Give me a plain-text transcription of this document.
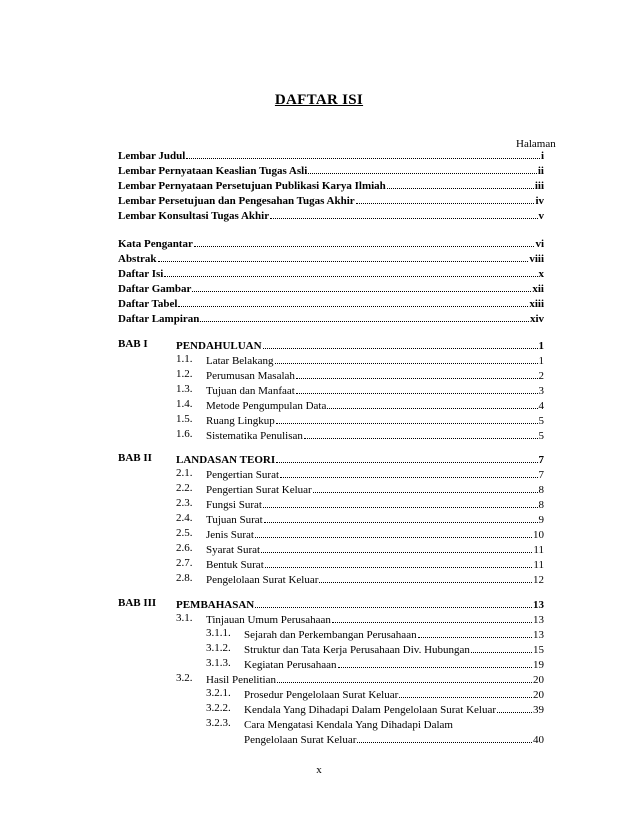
DAFTAR ISI
Halaman
Lembar Judul	i
Lembar Pernyataan Keaslian Tugas Asli	ii
Lembar Pernyataan Persetujuan Publikasi Karya Ilmiah	iii
Lembar Persetujuan dan Pengesahan Tugas Akhir	iv
Lembar Konsultasi Tugas Akhir	v
Kata Pengantar	vi
Abstrak	viii
Daftar Isi	x
Daftar Gambar	xii
Daftar Tabel	xiii
Daftar Lampiran	xiv
BAB I	PENDAHULUAN	1
1.1. Latar Belakang	1
1.2. Perumusan Masalah	2
1.3. Tujuan dan Manfaat	3
1.4. Metode Pengumpulan Data	4
1.5. Ruang Lingkup	5
1.6. Sistematika Penulisan	5
BAB II LANDASAN TEORI	7
2.1. Pengertian Surat	7
2.2. Pengertian Surat Keluar	8
2.3. Fungsi Surat	8
2.4. Tujuan Surat	9
2.5. Jenis Surat	10
2.6. Syarat Surat	11
2.7. Bentuk Surat	11
2.8. Pengelolaan Surat Keluar	12
BAB III PEMBAHASAN	13
3.1. Tinjauan Umum Perusahaan	13
3.1.1. Sejarah dan Perkembangan Perusahaan	13
3.1.2. Struktur dan Tata Kerja Perusahaan Div. Hubungan	15
3.1.3. Kegiatan Perusahaan	19
3.2. Hasil Penelitian	20
3.2.1. Prosedur Pengelolaan Surat Keluar	20
3.2.2. Kendala Yang Dihadapi Dalam Pengelolaan Surat Keluar	39
3.2.3. Cara Mengatasi Kendala Yang Dihadapi Dalam
Pengelolaan Surat Keluar	40
x
